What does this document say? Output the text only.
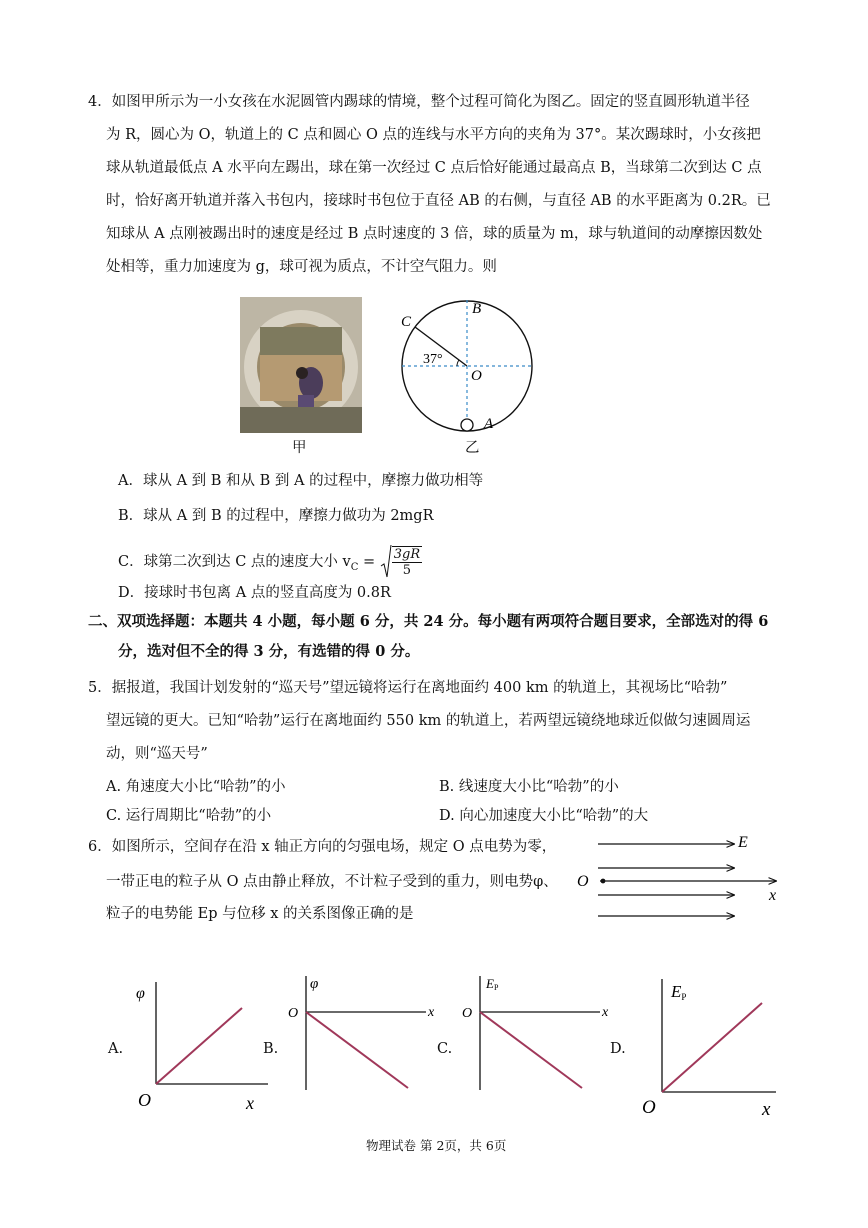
4．如图甲所示为一小女孩在水泥圆管内踢球的情境，整个过程可简化为图乙。固定的竖直圆形轨道半径
为 R，圆心为 O，轨道上的 C 点和圆心 O 点的连线与水平方向的夹角为 37°。某次踢球时，小女孩把
球从轨道最低点 A 水平向左踢出，球在第一次经过 C 点后恰好能通过最高点 B，当球第二次到达 C 点
时，恰好离开轨道并落入书包内，接球时书包位于直径 AB 的右侧，与直径 AB 的水平距离为 0.2R。已
知球从 A 点刚被踢出时的速度是经过 B 点时速度的 3 倍，球的质量为 m，球与轨道间的动摩擦因数处
处相等，重力加速度为 g，球可视为质点，不计空气阻力。则
甲
B
C
O
A
37°
乙
A．球从 A 到 B 和从 B 到 A 的过程中，摩擦力做功相等
B．球从 A 到 B 的过程中，摩擦力做功为 2mgR
C．球第二次到达 C 点的速度大小 $v_C = \frac{3gR}{5}$
D．接球时书包离 A 点的竖直高度为 0.8R
二、双项选择题：本题共 4 小题，每小题 6 分，共 24 分。每小题有两项符合题目要求，全部选对的得 6
分，选对但不全的得 3 分，有选错的得 0 分。
5．据报道，我国计划发射的“巡天号”望远镜将运行在离地面约 400 km 的轨道上，其视场比“哈勃”
望远镜的更大。已知“哈勃”运行在离地面约 550 km 的轨道上，若两望远镜绕地球近似做匀速圆周运
动，则“巡天号”
A. 角速度大小比“哈勃”的小	B. 线速度大小比“哈勃”的小
C. 运行周期比“哈勃”的小	D. 向心加速度大小比“哈勃”的大
6．如图所示，空间存在沿 x 轴正方向的匀强电场，规定 O 点电势为零，
一带正电的粒子从 O 点由静止释放，不计粒子受到的重力，则电势φ、
粒子的电势能 Ep 与位移 x 的关系图像正确的是
E
O
x
A.
φ
x
O
B.
φ
x
O
C.
EP
x
O
D.
EP
x
O
物理试卷 第 2页，共 6页
